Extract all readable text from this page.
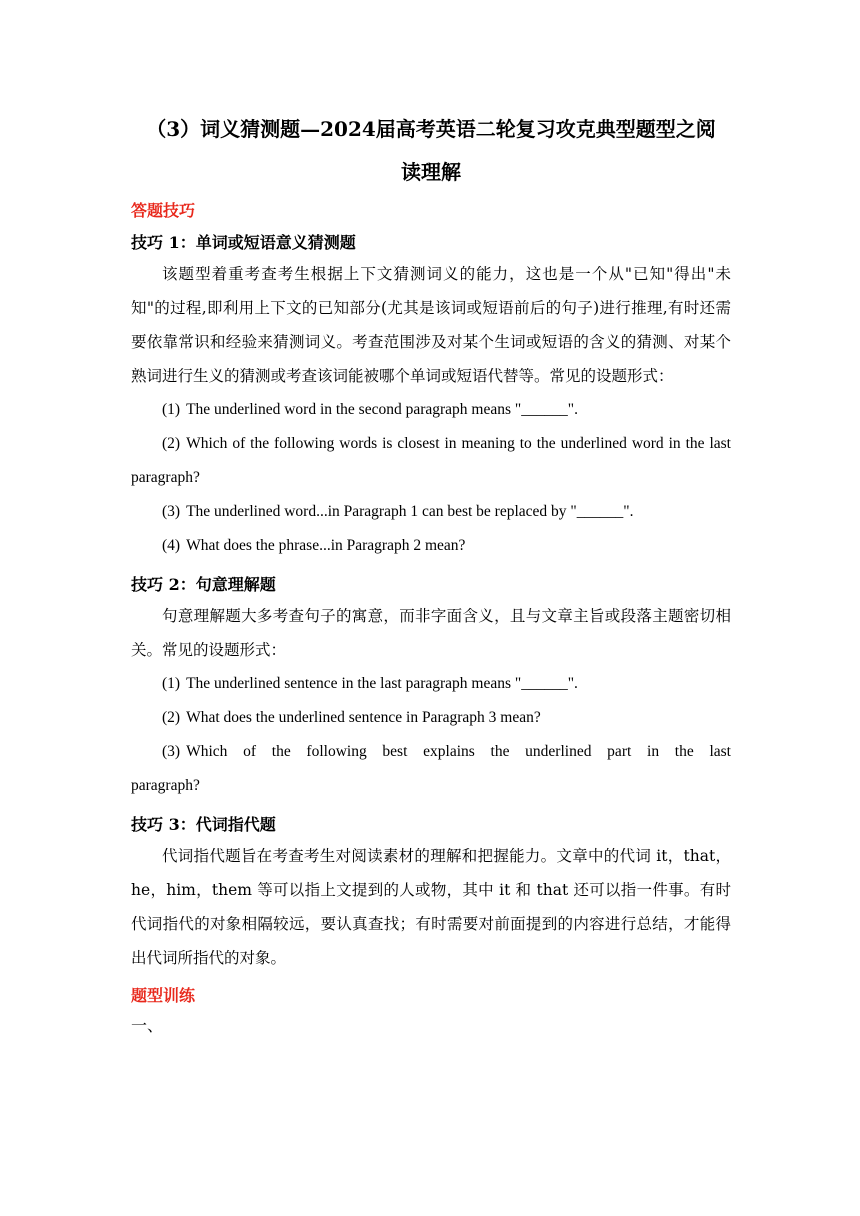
（3）词义猜测题—2024届高考英语二轮复习攻克典型题型之阅

读理解

答题技巧
技巧 1：单词或短语意义猜测题

该题型着重考查考生根据上下文猜测词义的能力，这也是一个从"已知"得出"未知"的过程,即利用上下文的已知部分(尤其是该词或短语前后的句子)进行推理,有时还需要依靠常识和经验来猜测词义。考查范围涉及对某个生词或短语的含义的猜测、对某个熟词进行生义的猜测或考查该词能被哪个单词或短语代替等。常见的设题形式：

(1) The underlined word in the second paragraph means "______".

(2) Which of the following words is closest in meaning to the underlined word in the last paragraph?

(3) The underlined word...in Paragraph 1 can best be replaced by "______".

(4) What does the phrase...in Paragraph 2 mean?

技巧 2：句意理解题

句意理解题大多考查句子的寓意，而非字面含义，且与文章主旨或段落主题密切相关。常见的设题形式：

(1) The underlined sentence in the last paragraph means "______".

(2) What does the underlined sentence in Paragraph 3 mean?

(3) Which of the following best explains the underlined part in the last paragraph?

技巧 3：代词指代题

代词指代题旨在考查考生对阅读素材的理解和把握能力。文章中的代词 it，that，he，him，them 等可以指上文提到的人或物，其中 it 和 that 还可以指一件事。有时代词指代的对象相隔较远，要认真查找；有时需要对前面提到的内容进行总结，才能得出代词所指代的对象。

题型训练
一、
